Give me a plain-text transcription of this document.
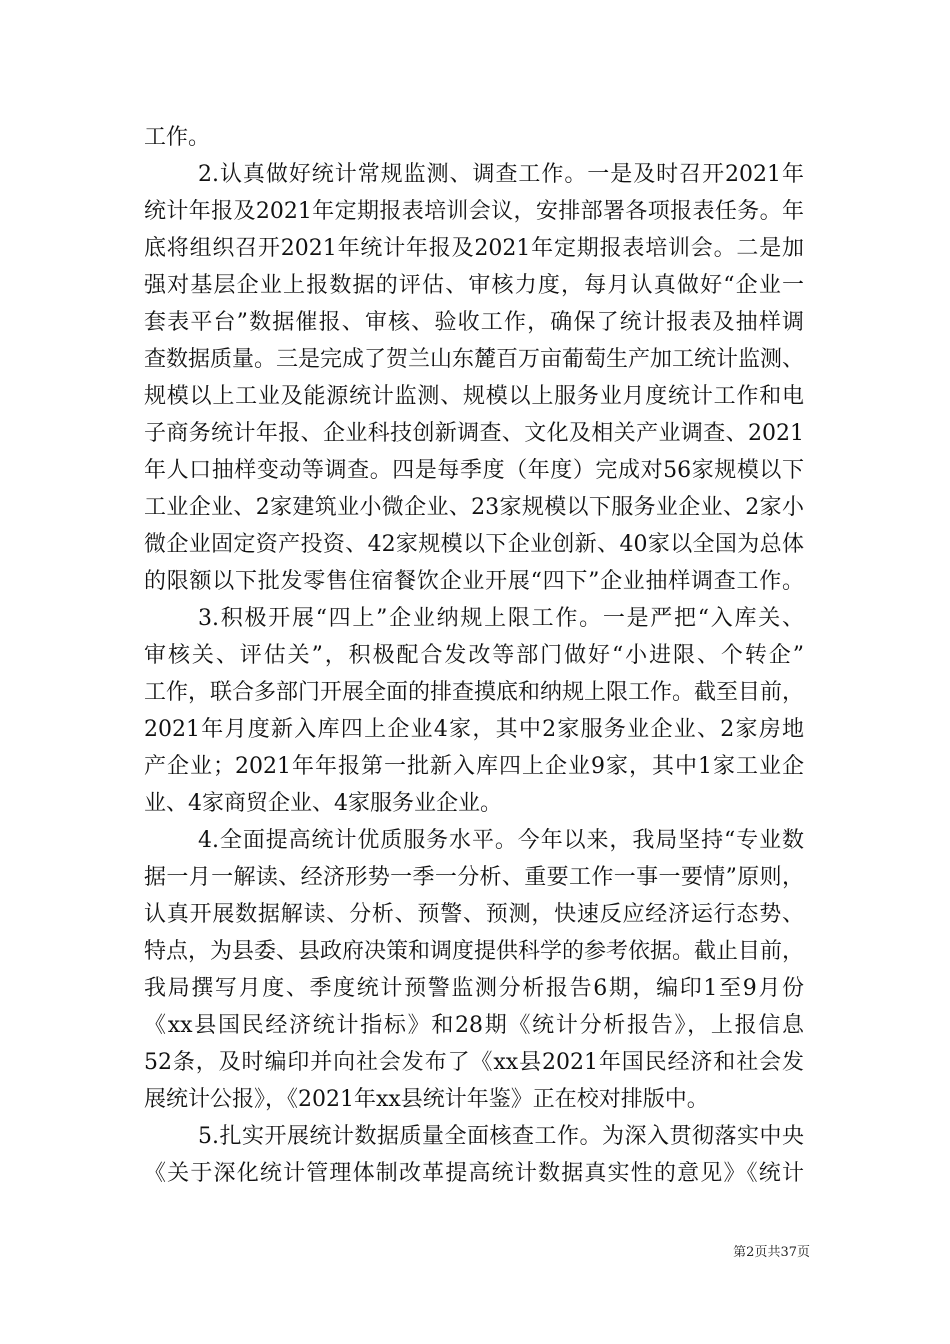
工作。
2.认真做好统计常规监测、调查工作。一是及时召开2021年
统计年报及2021年定期报表培训会议，安排部署各项报表任务。年
底将组织召开2021年统计年报及2021年定期报表培训会。二是加
强对基层企业上报数据的评估、审核力度，每月认真做好“企业一
套表平台”数据催报、审核、验收工作，确保了统计报表及抽样调
查数据质量。三是完成了贺兰山东麓百万亩葡萄生产加工统计监测、
规模以上工业及能源统计监测、规模以上服务业月度统计工作和电
子商务统计年报、企业科技创新调查、文化及相关产业调查、2021
年人口抽样变动等调查。四是每季度（年度）完成对56家规模以下
工业企业、2家建筑业小微企业、23家规模以下服务业企业、2家小
微企业固定资产投资、42家规模以下企业创新、40家以全国为总体
的限额以下批发零售住宿餐饮企业开展“四下”企业抽样调查工作。
3.积极开展“四上”企业纳规上限工作。一是严把“入库关、
审核关、评估关”，积极配合发改等部门做好“小进限、个转企”
工作，联合多部门开展全面的排查摸底和纳规上限工作。截至目前，
2021年月度新入库四上企业4家，其中2家服务业企业、2家房地
产企业；2021年年报第一批新入库四上企业9家，其中1家工业企
业、4家商贸企业、4家服务业企业。
4.全面提高统计优质服务水平。今年以来，我局坚持“专业数
据一月一解读、经济形势一季一分析、重要工作一事一要情”原则，
认真开展数据解读、分析、预警、预测，快速反应经济运行态势、
特点，为县委、县政府决策和调度提供科学的参考依据。截止目前，
我局撰写月度、季度统计预警监测分析报告6期，编印1至9月份
《xx县国民经济统计指标》和28期《统计分析报告》，上报信息
52条，及时编印并向社会发布了《xx县2021年国民经济和社会发
展统计公报》，《2021年xx县统计年鉴》正在校对排版中。
5.扎实开展统计数据质量全面核查工作。为深入贯彻落实中央
《关于深化统计管理体制改革提高统计数据真实性的意见》《统计
第2页共37页
